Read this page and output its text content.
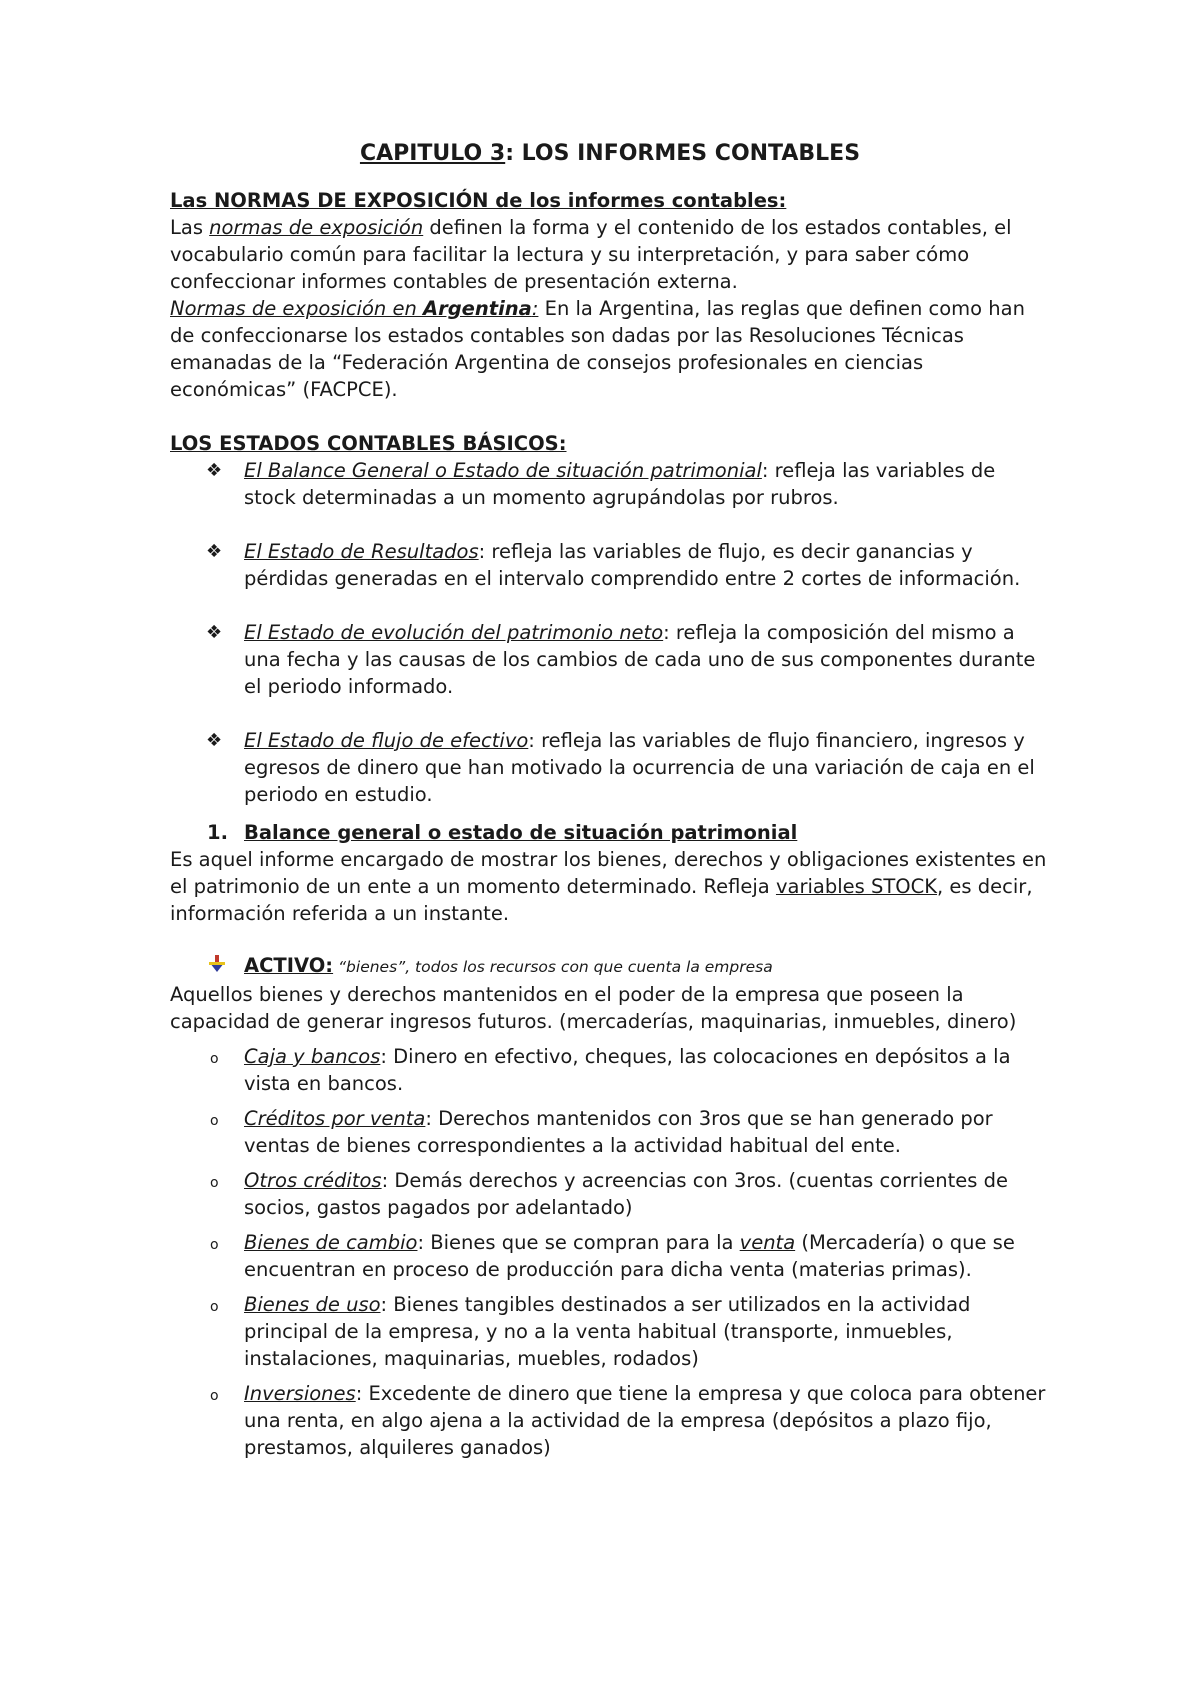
CAPITULO 3: LOS INFORMES CONTABLES

Las NORMAS DE EXPOSICIÓN de los informes contables:

Las normas de exposición definen la forma y el contenido de los estados contables, el vocabulario común para facilitar la lectura y su interpretación, y para saber cómo confeccionar informes contables de presentación externa.

Normas de exposición en Argentina: En la Argentina, las reglas que definen como han de confeccionarse los estados contables son dadas por las Resoluciones Técnicas emanadas de la “Federación Argentina de consejos profesionales en ciencias económicas” (FACPCE).

LOS ESTADOS CONTABLES BÁSICOS:

❖ El Balance General o Estado de situación patrimonial: refleja las variables de stock determinadas a un momento agrupándolas por rubros.
❖ El Estado de Resultados: refleja las variables de flujo, es decir ganancias y pérdidas generadas en el intervalo comprendido entre 2 cortes de información.
❖ El Estado de evolución del patrimonio neto: refleja la composición del mismo a una fecha y las causas de los cambios de cada uno de sus componentes durante el periodo informado.
❖ El Estado de flujo de efectivo: refleja las variables de flujo financiero, ingresos y egresos de dinero que han motivado la ocurrencia de una variación de caja en el periodo en estudio.
1. Balance general o estado de situación patrimonial

Es aquel informe encargado de mostrar los bienes, derechos y obligaciones existentes en el patrimonio de un ente a un momento determinado. Refleja variables STOCK, es decir, información referida a un instante.

ACTIVO: “bienes”, todos los recursos con que cuenta la empresa

Aquellos bienes y derechos mantenidos en el poder de la empresa que poseen la capacidad de generar ingresos futuros. (mercaderías, maquinarias, inmuebles, dinero)

o Caja y bancos: Dinero en efectivo, cheques, las colocaciones en depósitos a la vista en bancos.
o Créditos por venta: Derechos mantenidos con 3ros que se han generado por ventas de bienes correspondientes a la actividad habitual del ente.
o Otros créditos: Demás derechos y acreencias con 3ros. (cuentas corrientes de socios, gastos pagados por adelantado)
o Bienes de cambio: Bienes que se compran para la venta (Mercadería) o que se encuentran en proceso de producción para dicha venta (materias primas).
o Bienes de uso: Bienes tangibles destinados a ser utilizados en la actividad principal de la empresa, y no a la venta habitual (transporte, inmuebles, instalaciones, maquinarias, muebles, rodados)
o Inversiones: Excedente de dinero que tiene la empresa y que coloca para obtener una renta, en algo ajena a la actividad de la empresa (depósitos a plazo fijo, prestamos, alquileres ganados)
